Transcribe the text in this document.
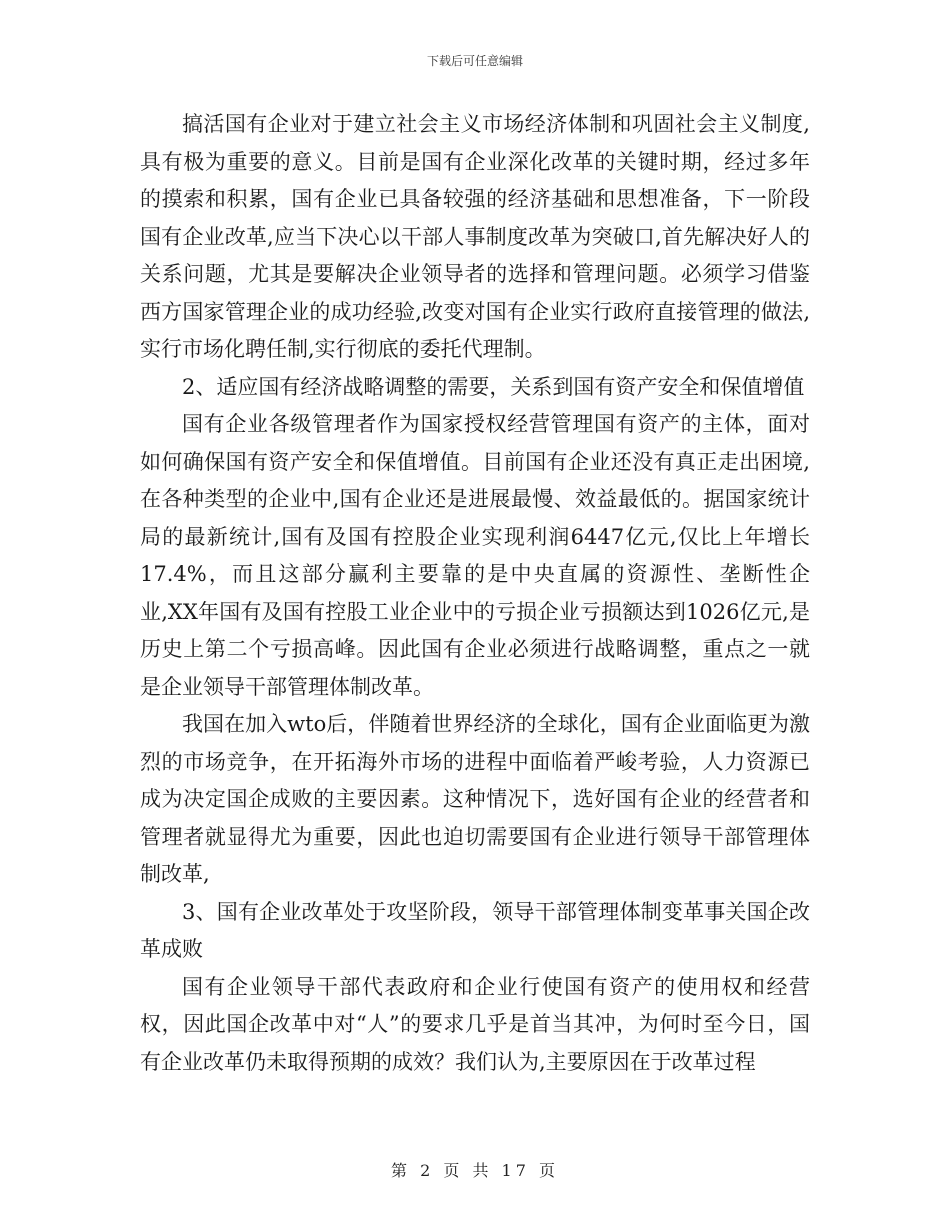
下载后可任意编辑

搞活国有企业对于建立社会主义市场经济体制和巩固社会主义制度,具有极为重要的意义。目前是国有企业深化改革的关键时期，经过多年的摸索和积累，国有企业已具备较强的经济基础和思想准备，下一阶段国有企业改革,应当下决心以干部人事制度改革为突破口,首先解决好人的关系问题，尤其是要解决企业领导者的选择和管理问题。必须学习借鉴西方国家管理企业的成功经验,改变对国有企业实行政府直接管理的做法,实行市场化聘任制,实行彻底的委托代理制。

2、适应国有经济战略调整的需要，关系到国有资产安全和保值增值

国有企业各级管理者作为国家授权经营管理国有资产的主体，面对如何确保国有资产安全和保值增值。目前国有企业还没有真正走出困境,在各种类型的企业中,国有企业还是进展最慢、效益最低的。据国家统计局的最新统计,国有及国有控股企业实现利润6447亿元,仅比上年增长17.4%，而且这部分赢利主要靠的是中央直属的资源性、垄断性企业,XX年国有及国有控股工业企业中的亏损企业亏损额达到1026亿元,是历史上第二个亏损高峰。因此国有企业必须进行战略调整，重点之一就是企业领导干部管理体制改革。

我国在加入wto后，伴随着世界经济的全球化，国有企业面临更为激烈的市场竞争，在开拓海外市场的进程中面临着严峻考验，人力资源已成为决定国企成败的主要因素。这种情况下，选好国有企业的经营者和管理者就显得尤为重要，因此也迫切需要国有企业进行领导干部管理体制改革,

3、国有企业改革处于攻坚阶段，领导干部管理体制变革事关国企改革成败

国有企业领导干部代表政府和企业行使国有资产的使用权和经营权，因此国企改革中对“人”的要求几乎是首当其冲，为何时至今日，国有企业改革仍未取得预期的成效？我们认为,主要原因在于改革过程

第 2 页 共 17 页
